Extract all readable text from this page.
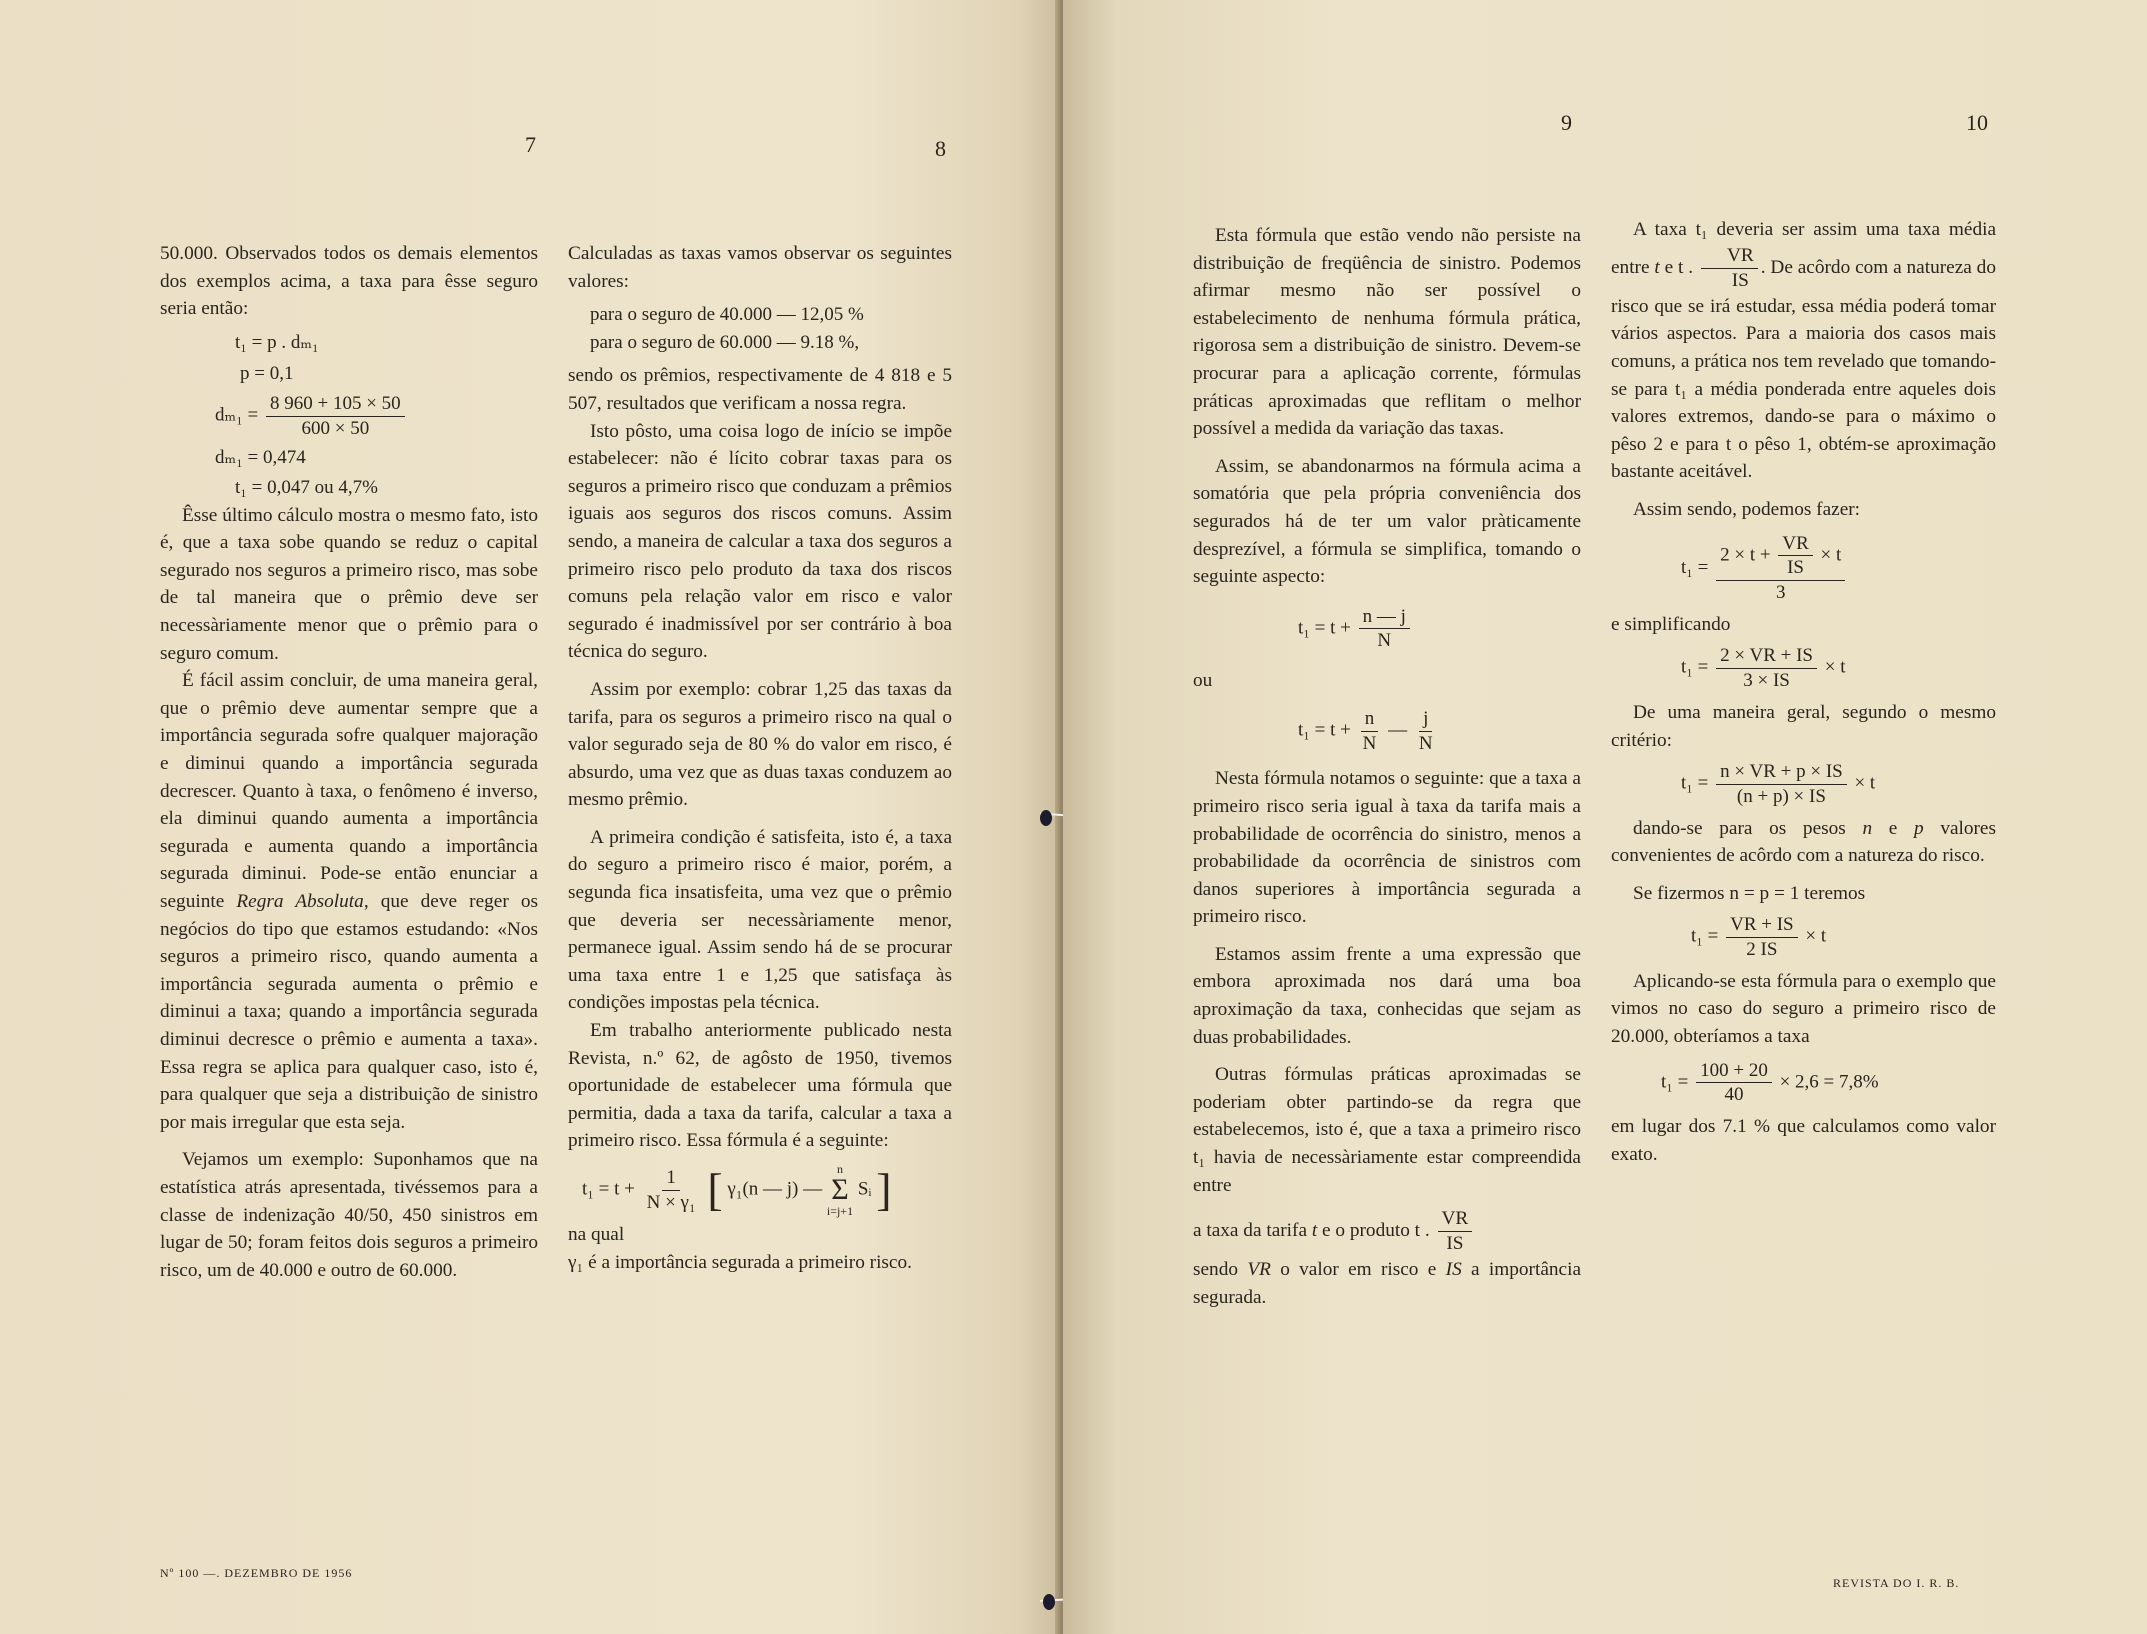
7	8

50.000. Observados todos os demais elementos dos exemplos acima, a taxa para êsse seguro seria então:

t₁ = p . dₘ₁
p = 0,1
$d_{m1} = \frac{8 960 + 105 \times 50}{600 \times 50}$
dₘ₁ = 0,474
t₁ = 0,047 ou 4,7%

Êsse último cálculo mostra o mesmo fato, isto é, que a taxa sobe quando se reduz o capital segurado nos seguros a primeiro risco, mas sobe de tal maneira que o prêmio deve ser necessàriamente menor que o prêmio para o seguro comum.

É fácil assim concluir, de uma maneira geral, que o prêmio deve aumentar sempre que a importância segurada sofre qualquer majoração e diminui quando a importância segurada decrescer. Quanto à taxa, o fenômeno é inverso, ela diminui quando aumenta a importância segurada e aumenta quando a importância segurada diminui. Pode-se então enunciar a seguinte Regra Absoluta, que deve reger os negócios do tipo que estamos estudando: «Nos seguros a primeiro risco, quando aumenta a importância segurada aumenta o prêmio e diminui a taxa; quando a importância segurada diminui decresce o prêmio e aumenta a taxa». Essa regra se aplica para qualquer caso, isto é, para qualquer que seja a distribuição de sinistro por mais irregular que esta seja.

Vejamos um exemplo: Suponhamos que na estatística atrás apresentada, tivéssemos para a classe de indenização 40/50, 450 sinistros em lugar de 50; foram feitos dois seguros a primeiro risco, um de 40.000 e outro de 60.000.

Calculadas as taxas vamos observar os seguintes valores:

para o seguro de 40.000 — 12,05 %
para o seguro de 60.000 — 9.18 %,

sendo os prêmios, respectivamente de 4 818 e 5 507, resultados que verificam a nossa regra.

Isto pôsto, uma coisa logo de início se impõe estabelecer: não é lícito cobrar taxas para os seguros a primeiro risco que conduzam a prêmios iguais aos seguros dos riscos comuns. Assim sendo, a maneira de calcular a taxa dos seguros a primeiro risco pelo produto da taxa dos riscos comuns pela relação valor em risco e valor segurado é inadmissível por ser contrário à boa técnica do seguro.

Assim por exemplo: cobrar 1,25 das taxas da tarifa, para os seguros a primeiro risco na qual o valor segurado seja de 80 % do valor em risco, é absurdo, uma vez que as duas taxas conduzem ao mesmo prêmio.

A primeira condição é satisfeita, isto é, a taxa do seguro a primeiro risco é maior, porém, a segunda fica insatisfeita, uma vez que o prêmio que deveria ser necessàriamente menor, permanece igual. Assim sendo há de se procurar uma taxa entre 1 e 1,25 que satisfaça às condições impostas pela técnica.

Em trabalho anteriormente publicado nesta Revista, n.º 62, de agôsto de 1950, tivemos oportunidade de estabelecer uma fórmula que permitia, dada a taxa da tarifa, calcular a taxa a primeiro risco. Essa fórmula é a seguinte:

$t_1 = t + \frac{1}{\text{N × γ₁}}$ [ γ₁(n — j) —
n
Σ
i=j+1
Sᵢ ]

na qual

γ₁ é a importância segurada a primeiro risco.

Nº 100 —. DEZEMBRO DE 1956
9	10

Esta fórmula que estão vendo não persiste na distribuição de freqüência de sinistro. Podemos afirmar mesmo não ser possível o estabelecimento de nenhuma fórmula prática, rigorosa sem a distribuição de sinistro. Devem-se procurar para a aplicação corrente, fórmulas práticas aproximadas que reflitam o melhor possível a medida da variação das taxas.

Assim, se abandonarmos na fórmula acima a somatória que pela própria conveniência dos segurados há de ter um valor pràticamente desprezível, a fórmula se simplifica, tomando o seguinte aspecto:

$t_1 = t + \frac{n — j}{N}$

ou

$t_1 = t + \frac{n}{N}$ — $\frac{j}{N}$

Nesta fórmula notamos o seguinte: que a taxa a primeiro risco seria igual à taxa da tarifa mais a probabilidade de ocorrência do sinistro, menos a probabilidade da ocorrência de sinistros com danos superiores à importância segurada a primeiro risco.

Estamos assim frente a uma expressão que embora aproximada nos dará uma boa aproximação da taxa, conhecidas que sejam as duas probabilidades.

Outras fórmulas práticas aproximadas se poderiam obter partindo-se da regra que estabelecemos, isto é, que a taxa a primeiro risco t₁ havia de necessàriamente estar compreendida entre

a taxa da tarifa t e o produto t . $\frac{VR}{IS}$

sendo VR o valor em risco e IS a importância segurada.

A taxa t₁ deveria ser assim uma taxa média entre t e t . $\frac{VR}{IS}$ . De acôrdo com a natureza do risco que se irá estudar, essa média poderá tomar vários aspectos. Para a maioria dos casos mais comuns, a prática nos tem revelado que tomando-se para t₁ a média ponderada entre aqueles dois valores extremos, dando-se para o máximo o pêso 2 e para t o pêso 1, obtém-se aproximação bastante aceitável.

Assim sendo, podemos fazer:

t₁ =
$2 \times t + \frac{VR}{IS} \times t$
3

e simplificando

$t_1 = \frac{2 \times VR + IS}{3 \times IS} \times t$

De uma maneira geral, segundo o mesmo critério:

$t_1 = \frac{n \times VR + p \times IS}{(n + p) \times IS} \times t$

dando-se para os pesos n e p valores convenientes de acôrdo com a natureza do risco.

Se fizermos n = p = 1 teremos

$t_1 = \frac{VR + IS}{2 IS} \times t$

Aplicando-se esta fórmula para o exemplo que vimos no caso do seguro a primeiro risco de 20.000, obteríamos a taxa

$t_1 = \frac{100 + 20}{40} \times 2,6 = 7,8\%$

em lugar dos 7.1 % que calculamos como valor exato.

REVISTA DO I. R. B.
